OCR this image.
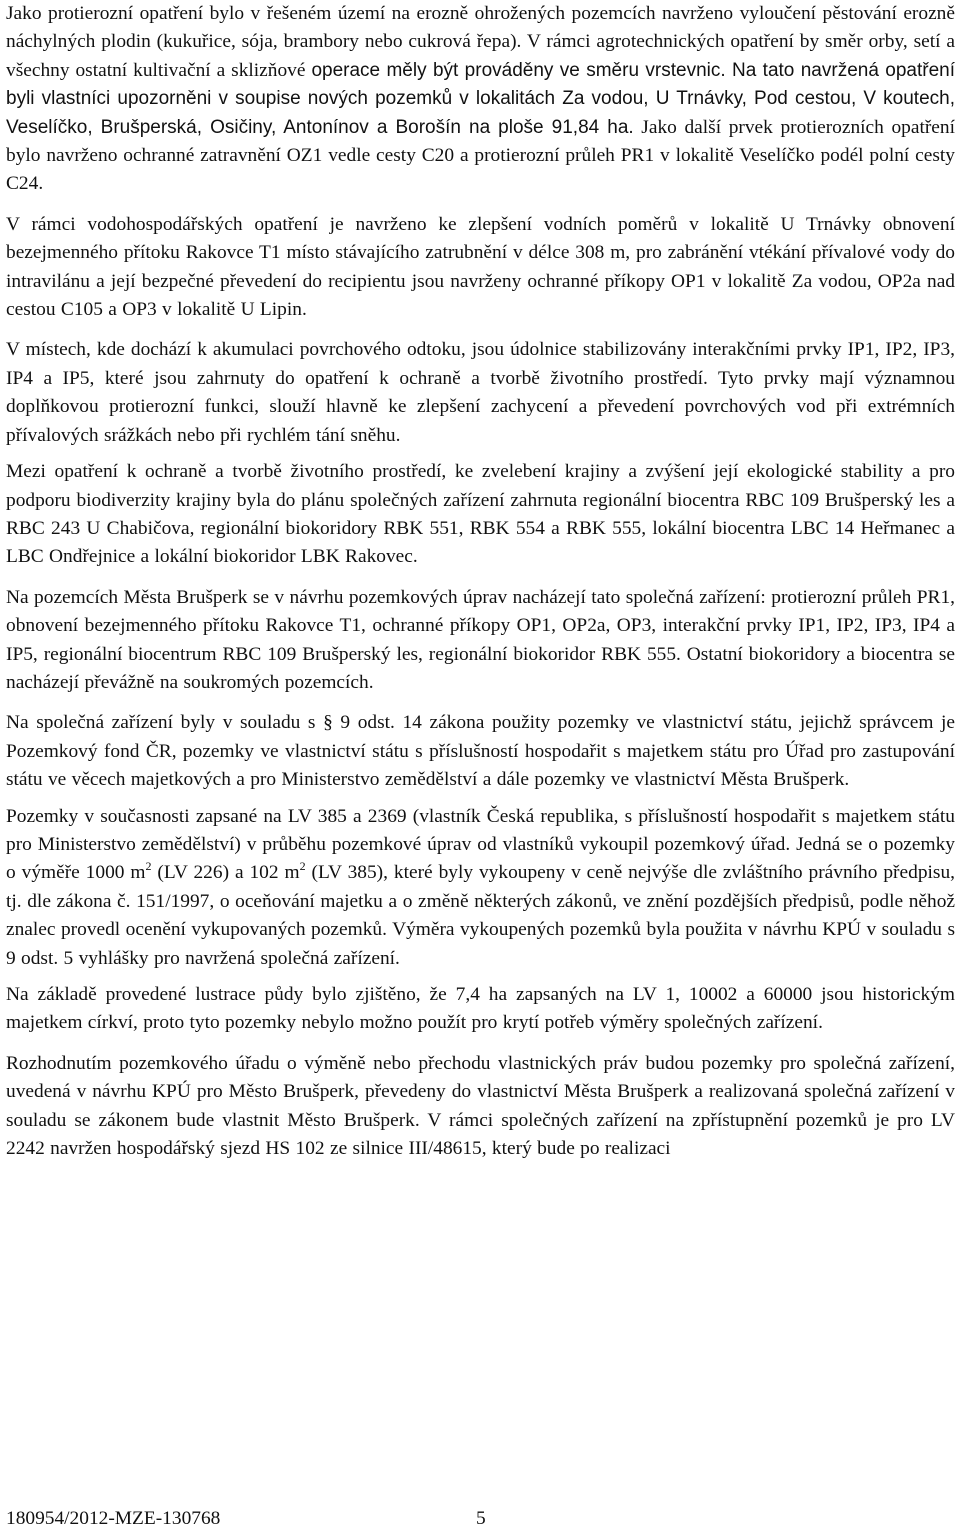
Jako protierozní opatření bylo v řešeném území na erozně ohrožených pozemcích navrženo vyloučení pěstování erozně náchylných plodin (kukuřice, sója, brambory nebo cukrová řepa). V rámci agrotechnických opatření by směr orby, setí a všechny ostatní kultivační a sklizňové operace měly být prováděny ve směru vrstevnic. Na tato navržená opatření byli vlastníci upozorněni v soupise nových pozemků v lokalitách Za vodou, U Trnávky, Pod cestou, V koutech, Veselíčko, Brušperská, Osičiny, Antonínov a Borošín na ploše 91,84 ha. Jako další prvek protierozních opatření bylo navrženo ochranné zatravnění OZ1 vedle cesty C20 a protierozní průleh PR1 v lokalitě Veselíčko podél polní cesty C24.

V rámci vodohospodářských opatření je navrženo ke zlepšení vodních poměrů v lokalitě U Trnávky obnovení bezejmenného přítoku Rakovce T1 místo stávajícího zatrubnění v délce 308 m, pro zabránění vtékání přívalové vody do intravilánu a její bezpečné převedení do recipientu jsou navrženy ochranné příkopy OP1 v lokalitě Za vodou, OP2a nad cestou C105 a OP3 v lokalitě U Lipin.

V místech, kde dochází k akumulaci povrchového odtoku, jsou údolnice stabilizovány interakčními prvky IP1, IP2, IP3, IP4 a IP5, které jsou zahrnuty do opatření k ochraně a tvorbě životního prostředí. Tyto prvky mají významnou doplňkovou protierozní funkci, slouží hlavně ke zlepšení zachycení a převedení povrchových vod při extrémních přívalových srážkách nebo při rychlém tání sněhu.

Mezi opatření k ochraně a tvorbě životního prostředí, ke zvelebení krajiny a zvýšení její ekologické stability a pro podporu biodiverzity krajiny byla do plánu společných zařízení zahrnuta regionální biocentra RBC 109 Brušperský les a RBC 243 U Chabičova, regionální biokoridory RBK 551, RBK 554 a RBK 555, lokální biocentra LBC 14 Heřmanec a LBC Ondřejnice a lokální biokoridor LBK Rakovec.

Na pozemcích Města Brušperk se v návrhu pozemkových úprav nacházejí tato společná zařízení: protierozní průleh PR1, obnovení bezejmenného přítoku Rakovce T1, ochranné příkopy OP1, OP2a, OP3, interakční prvky IP1, IP2, IP3, IP4 a IP5, regionální biocentrum RBC 109 Brušperský les, regionální biokoridor RBK 555. Ostatní biokoridory a biocentra se nacházejí převážně na soukromých pozemcích.

Na společná zařízení byly v souladu s § 9 odst. 14 zákona použity pozemky ve vlastnictví státu, jejichž správcem je Pozemkový fond ČR, pozemky ve vlastnictví státu s příslušností hospodařit s majetkem státu pro Úřad pro zastupování státu ve věcech majetkových a pro Ministerstvo zemědělství a dále pozemky ve vlastnictví Města Brušperk.

Pozemky v současnosti zapsané na LV 385 a 2369 (vlastník Česká republika, s příslušností hospodařit s majetkem státu pro Ministerstvo zemědělství) v průběhu pozemkové úprav od vlastníků vykoupil pozemkový úřad. Jedná se o pozemky o výměře 1000 $m^2$ (LV 226) a 102 $m^2$ (LV 385), které byly vykoupeny v ceně nejvýše dle zvláštního právního předpisu, tj. dle zákona č. 151/1997, o oceňování majetku a o změně některých zákonů, ve znění pozdějších předpisů, podle něhož znalec provedl ocenění vykupovaných pozemků. Výměra vykoupených pozemků byla použita v návrhu KPÚ v souladu s 9 odst. 5 vyhlášky pro navržená společná zařízení.

Na základě provedené lustrace půdy bylo zjištěno, že 7,4 ha zapsaných na LV 1, 10002 a 60000 jsou historickým majetkem církví, proto tyto pozemky nebylo možno použít pro krytí potřeb výměry společných zařízení.

Rozhodnutím pozemkového úřadu o výměně nebo přechodu vlastnických práv budou pozemky pro společná zařízení, uvedená v návrhu KPÚ pro Město Brušperk, převedeny do vlastnictví Města Brušperk a realizovaná společná zařízení v souladu se zákonem bude vlastnit Město Brušperk. V rámci společných zařízení na zpřístupnění pozemků je pro LV 2242 navržen hospodářský sjezd HS 102 ze silnice III/48615, který bude po realizaci

180954/2012-MZE-130768	5
